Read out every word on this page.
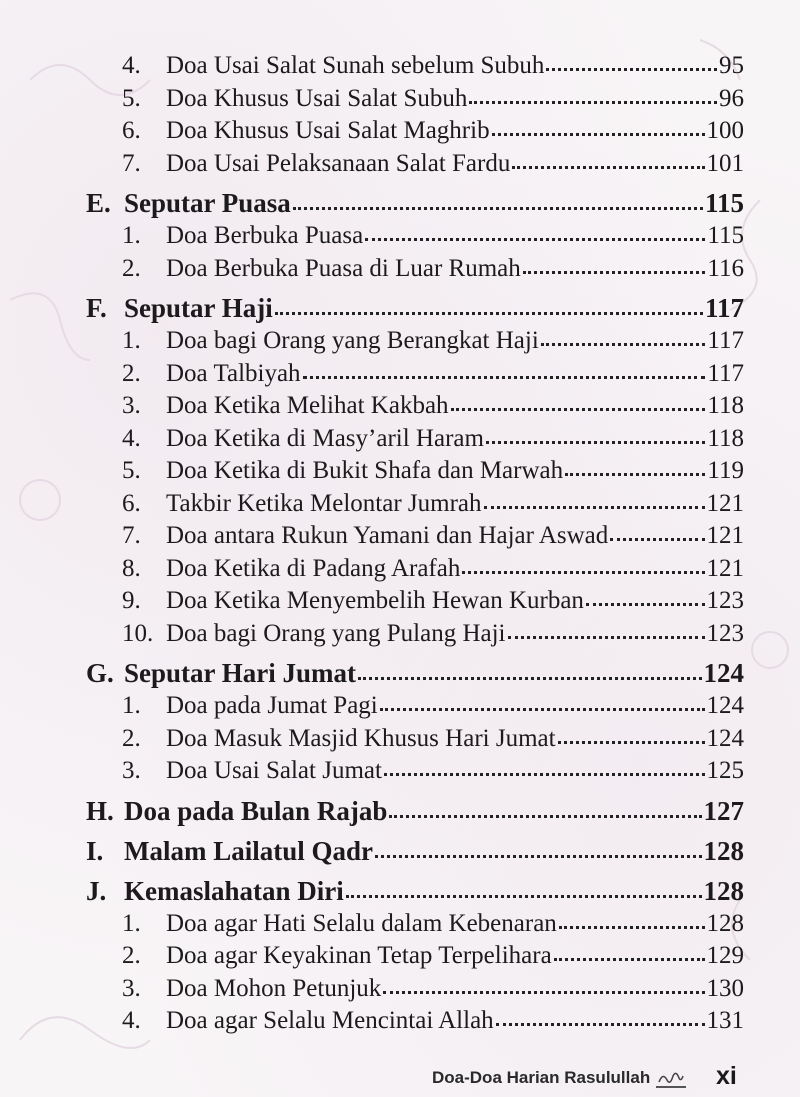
4.	Doa Usai Salat Sunah sebelum Subuh	95
5.	Doa Khusus Usai Salat Subuh	96
6.	Doa Khusus Usai Salat Maghrib	100
7.	Doa Usai Pelaksanaan Salat Fardu	101
E. Seputar Puasa	115
1.	Doa Berbuka Puasa	115
2.	Doa Berbuka Puasa di Luar Rumah	116
F. Seputar Haji	117
1.	Doa bagi Orang yang Berangkat Haji	117
2.	Doa Talbiyah	117
3.	Doa Ketika Melihat Kakbah	118
4.	Doa Ketika di Masy’aril Haram	118
5.	Doa Ketika di Bukit Shafa dan Marwah	119
6.	Takbir Ketika Melontar Jumrah	121
7.	Doa antara Rukun Yamani dan Hajar Aswad	121
8.	Doa Ketika di Padang Arafah	121
9.	Doa Ketika Menyembelih Hewan Kurban	123
10. Doa bagi Orang yang Pulang Haji	123
G. Seputar Hari Jumat	124
1.	Doa pada Jumat Pagi	124
2.	Doa Masuk Masjid Khusus Hari Jumat	124
3.	Doa Usai Salat Jumat	125
H. Doa pada Bulan Rajab	127
I. Malam Lailatul Qadr	128
J. Kemaslahatan Diri	128
1.	Doa agar Hati Selalu dalam Kebenaran	128
2.	Doa agar Keyakinan Tetap Terpelihara	129
3.	Doa Mohon Petunjuk	130
4.	Doa agar Selalu Mencintai Allah	131
Doa-Doa Harian Rasulullah	xi
